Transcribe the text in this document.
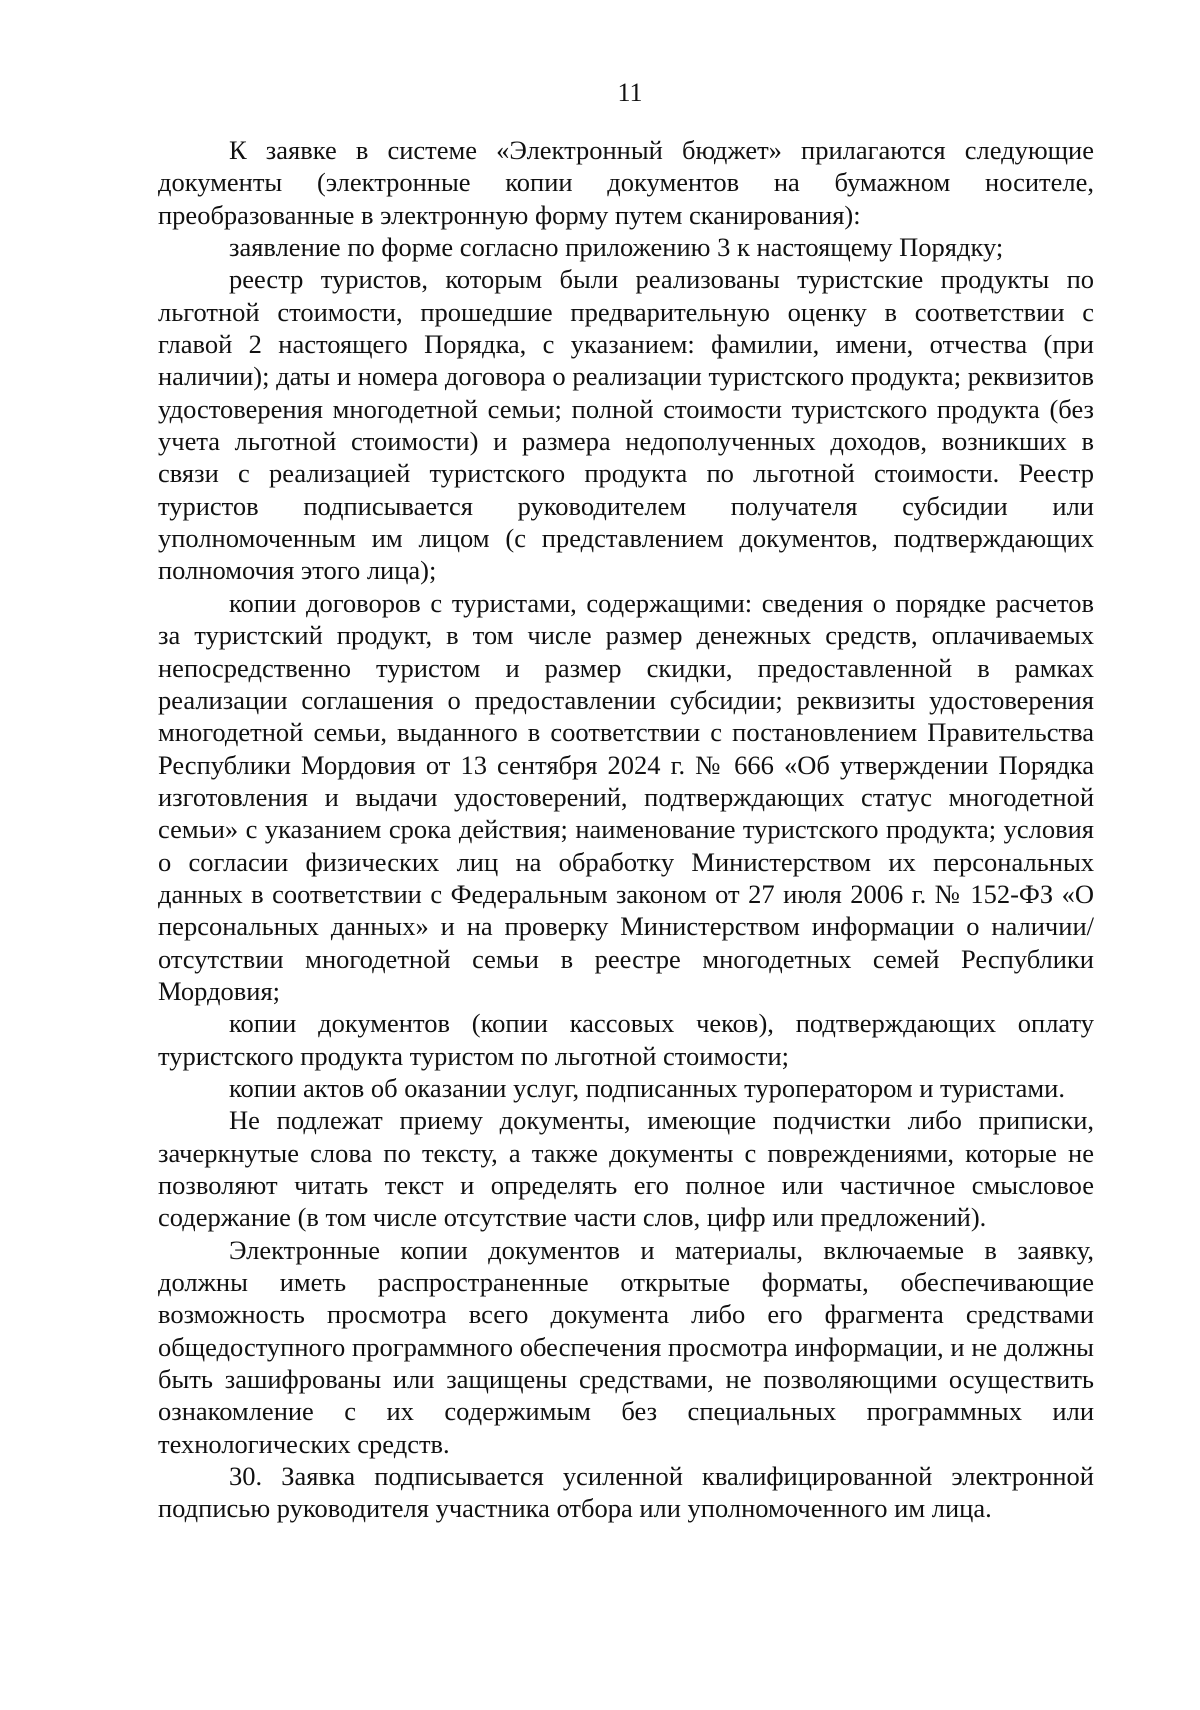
11

К заявке в системе «Электронный бюджет» прилагаются следующие документы (электронные копии документов на бумажном носителе, преобразованные в электронную форму путем сканирования):

заявление по форме согласно приложению 3 к настоящему Порядку;

реестр туристов, которым были реализованы туристские продукты по льготной стоимости, прошедшие предварительную оценку в соответствии с главой 2 настоящего Порядка, с указанием: фамилии, имени, отчества (при наличии); даты и номера договора о реализации туристского продукта; реквизитов удостоверения многодетной семьи; полной стоимости туристского продукта (без учета льготной стоимости) и размера недополученных доходов, возникших в связи с реализацией туристского продукта по льготной стоимости. Реестр туристов подписывается руководителем получателя субсидии или уполномоченным им лицом (с представлением документов, подтверждающих полномочия этого лица);

копии договоров с туристами, содержащими: сведения о порядке расчетов за туристский продукт, в том числе размер денежных средств, оплачиваемых непосредственно туристом и размер скидки, предоставленной в рамках реализации соглашения о предоставлении субсидии; реквизиты удостоверения многодетной семьи, выданного в соответствии с постановлением Правительства Республики Мордовия от 13 сентября 2024 г. № 666 «Об утверждении Порядка изготовления и выдачи удостоверений, подтверждающих статус многодетной семьи» с указанием срока действия; наименование туристского продукта; условия о согласии физических лиц на обработку Министерством их персональных данных в соответствии с Федеральным законом от 27 июля 2006 г. № 152-ФЗ «О персональных данных» и на проверку Министерством информации о наличии/отсутствии многодетной семьи в реестре многодетных семей Республики Мордовия;

копии документов (копии кассовых чеков), подтверждающих оплату туристского продукта туристом по льготной стоимости;

копии актов об оказании услуг, подписанных туроператором и туристами.

Не подлежат приему документы, имеющие подчистки либо приписки, зачеркнутые слова по тексту, а также документы с повреждениями, которые не позволяют читать текст и определять его полное или частичное смысловое содержание (в том числе отсутствие части слов, цифр или предложений).

Электронные копии документов и материалы, включаемые в заявку, должны иметь распространенные открытые форматы, обеспечивающие возможность просмотра всего документа либо его фрагмента средствами общедоступного программного обеспечения просмотра информации, и не должны быть зашифрованы или защищены средствами, не позволяющими осуществить ознакомление с их содержимым без специальных программных или технологических средств.

30. Заявка подписывается усиленной квалифицированной электронной подписью руководителя участника отбора или уполномоченного им лица.
